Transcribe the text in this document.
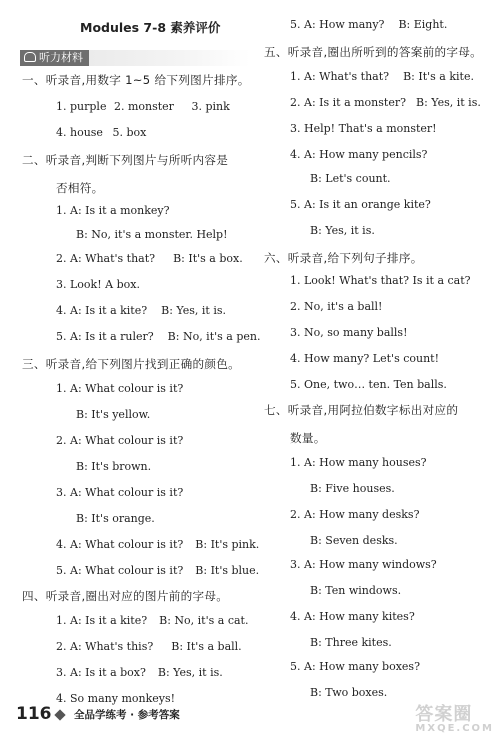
Modules 7-8 素养评价
听力材料
一、听录音,用数字 1~5 给下列图片排序。
1. purple 2. monster 3. pink
4. house 5. box
二、听录音,判断下列图片与所听内容是
否相符。
1. A: Is it a monkey?
B: No, it's a monster. Help!
2. A: What's that? B: It's a box.
3. Look! A box.
4. A: Is it a kite? B: Yes, it is.
5. A: Is it a ruler? B: No, it's a pen.
三、听录音,给下列图片找到正确的颜色。
1. A: What colour is it?
B: It's yellow.
2. A: What colour is it?
B: It's brown.
3. A: What colour is it?
B: It's orange.
4. A: What colour is it? B: It's pink.
5. A: What colour is it? B: It's blue.
四、听录音,圈出对应的图片前的字母。
1. A: Is it a kite? B: No, it's a cat.
2. A: What's this? B: It's a ball.
3. A: Is it a box? B: Yes, it is.
4. So many monkeys!
5. A: How many? B: Eight.
五、听录音,圈出所听到的答案前的字母。
1. A: What's that? B: It's a kite.
2. A: Is it a monster? B: Yes, it is.
3. Help! That's a monster!
4. A: How many pencils?
B: Let's count.
5. A: Is it an orange kite?
B: Yes, it is.
六、听录音,给下列句子排序。
1. Look! What's that? Is it a cat?
2. No, it's a ball!
3. No, so many balls!
4. How many? Let's count!
5. One, two… ten. Ten balls.
七、听录音,用阿拉伯数字标出对应的
数量。
1. A: How many houses?
B: Five houses.
2. A: How many desks?
B: Seven desks.
3. A: How many windows?
B: Ten windows.
4. A: How many kites?
B: Three kites.
5. A: How many boxes?
B: Two boxes.
116 全品学练考 · 参考答案	答案圈
MXQE.COM
